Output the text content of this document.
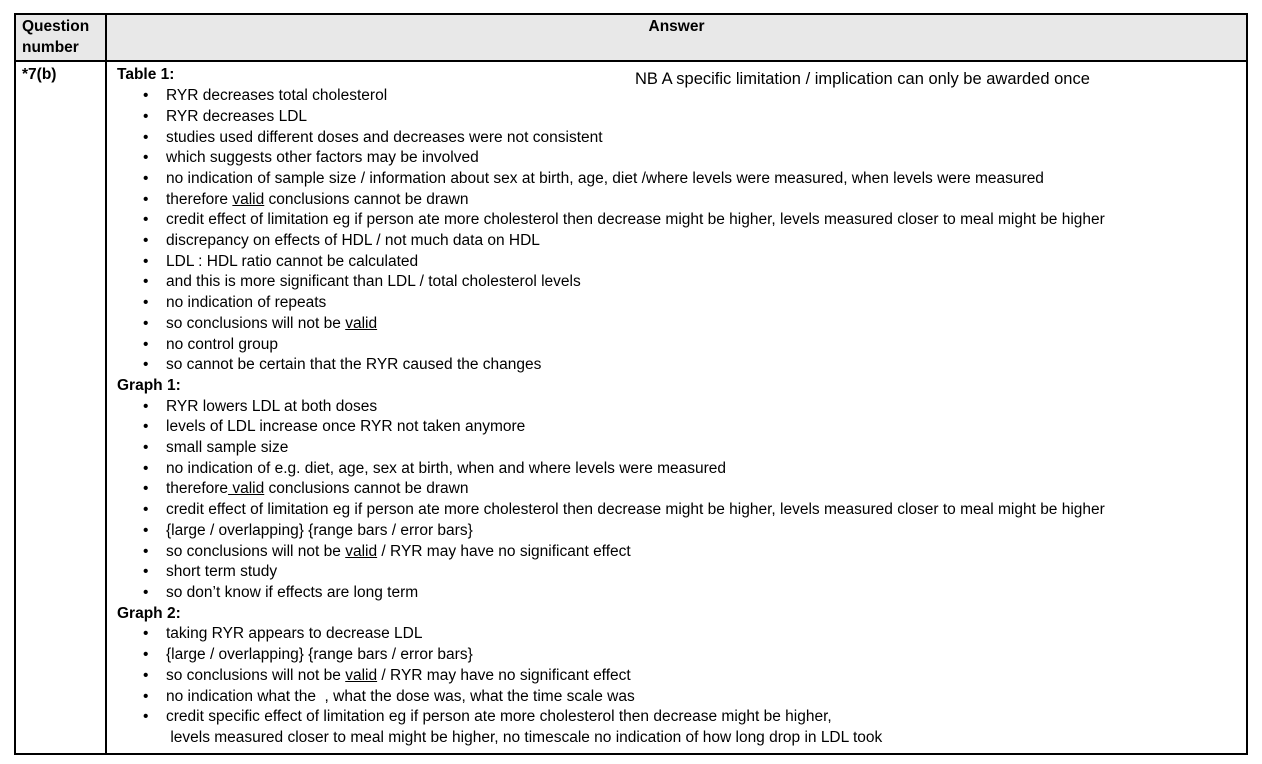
Question number	Answer
*7(b)	NB A specific limitation / implication can only be awarded once
Table 1:
•	RYR decreases total cholesterol
•	RYR decreases LDL
•	studies used different doses and decreases were not consistent
•	which suggests other factors may be involved
•	no indication of sample size / information about sex at birth, age, diet /where levels were measured, when levels were measured
•	therefore valid conclusions cannot be drawn
•	credit effect of limitation eg if person ate more cholesterol then decrease might be higher, levels measured closer to meal might be higher
•	discrepancy on effects of HDL / not much data on HDL
•	LDL : HDL ratio cannot be calculated
•	and this is more significant than LDL / total cholesterol levels
•	no indication of repeats
•	so conclusions will not be valid
•	no control group
•	so cannot be certain that the RYR caused the changes
Graph 1:
•	RYR lowers LDL at both doses
•	levels of LDL increase once RYR not taken anymore
•	small sample size
•	no indication of e.g. diet, age, sex at birth, when and where levels were measured
•	therefore valid conclusions cannot be drawn
•	credit effect of limitation eg if person ate more cholesterol then decrease might be higher, levels measured closer to meal might be higher
•	{large / overlapping} {range bars / error bars}
•	so conclusions will not be valid / RYR may have no significant effect
•	short term study
•	so don’t know if effects are long term
Graph 2:
•	taking RYR appears to decrease LDL
•	{large / overlapping} {range bars / error bars}
•	so conclusions will not be valid / RYR may have no significant effect
•	no indication what the  , what the dose was, what the time scale was
•	credit specific effect of limitation eg if person ate more cholesterol then decrease might be higher,
levels measured closer to meal might be higher, no timescale no indication of how long drop in LDL took
